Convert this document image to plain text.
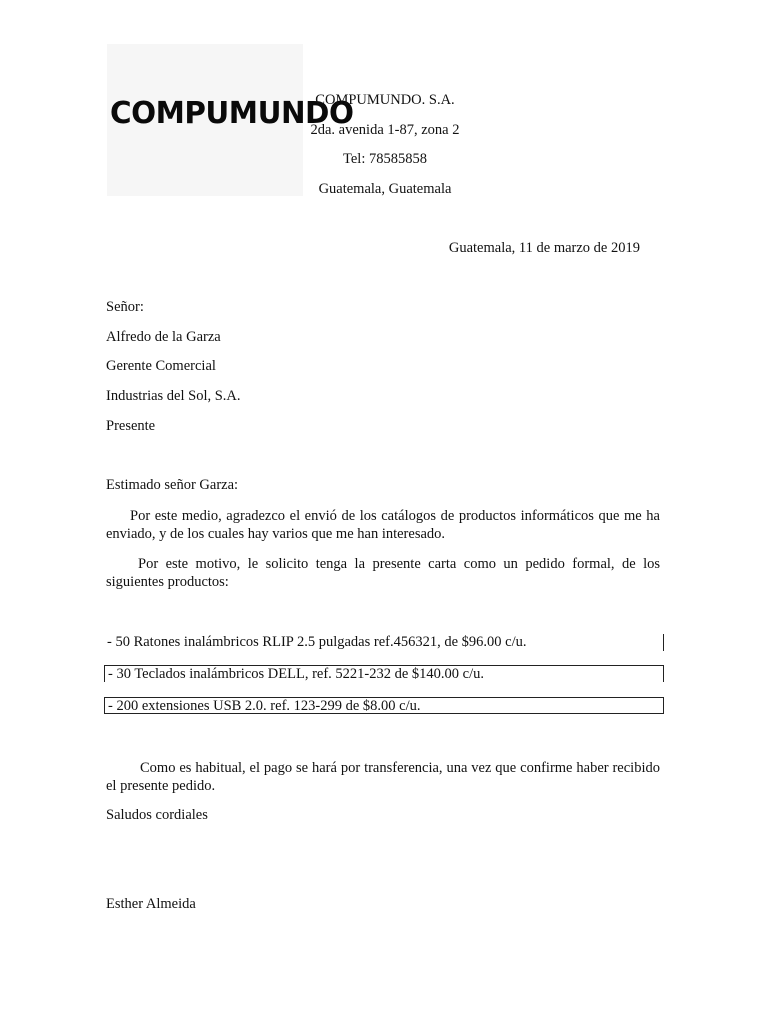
COMPUMUNDO
COMPUMUNDO. S.A.
2da. avenida 1-87, zona 2
Tel: 78585858
Guatemala, Guatemala
Guatemala, 11 de marzo de 2019
Señor:
Alfredo de la Garza
Gerente Comercial
Industrias del Sol, S.A.
Presente
Estimado señor Garza:
Por este medio, agradezco el envió de los catálogos de productos informáticos que me ha enviado, y de los cuales hay varios que me han interesado.
Por este motivo, le solicito tenga la presente carta como un pedido formal, de los siguientes productos:
- 50 Ratones inalámbricos RLIP 2.5 pulgadas ref.456321, de $96.00 c/u.
- 30 Teclados inalámbricos DELL, ref. 5221-232 de $140.00 c/u.
- 200 extensiones USB 2.0. ref. 123-299 de $8.00 c/u.
Como es habitual, el pago se hará por transferencia, una vez que confirme haber recibido el presente pedido.
Saludos cordiales
Esther Almeida
